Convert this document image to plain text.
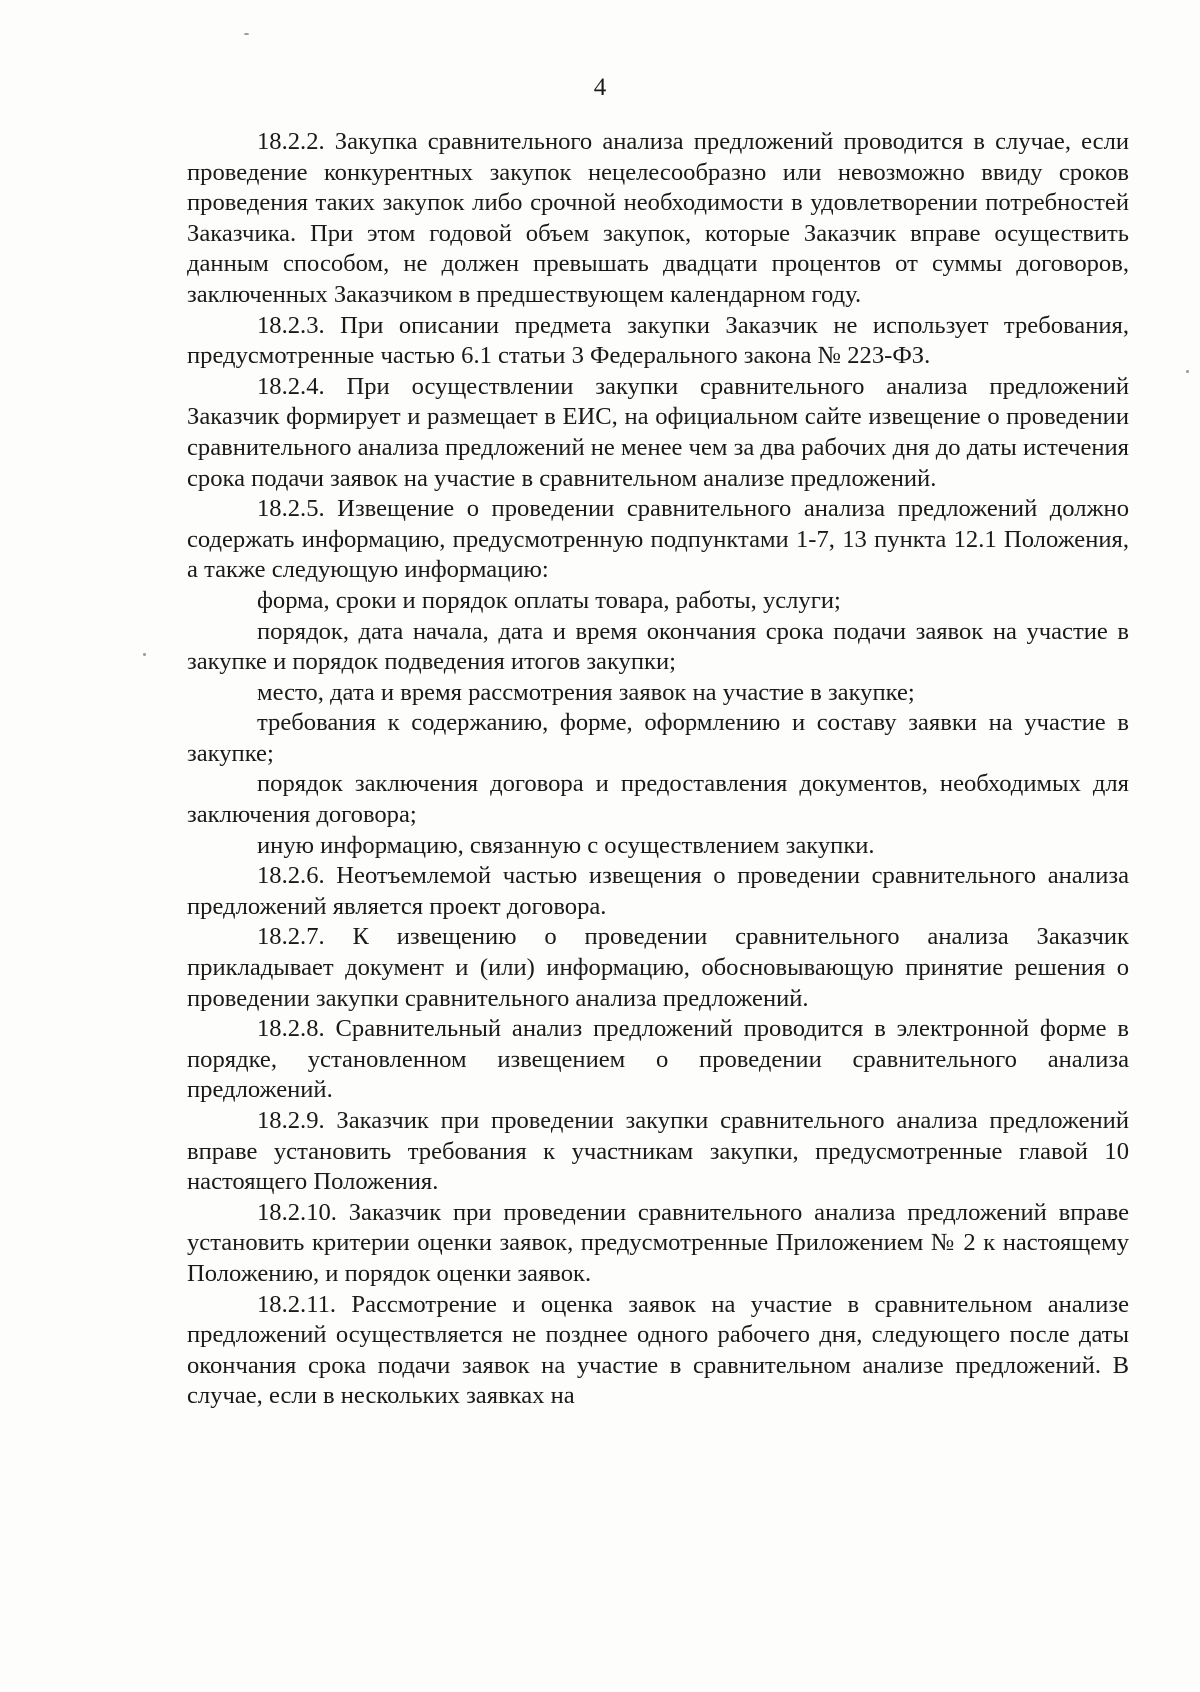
4

18.2.2. Закупка сравнительного анализа предложений проводится в случае, если проведение конкурентных закупок нецелесообразно или невозможно ввиду сроков проведения таких закупок либо срочной необходимости в удовлетворении потребностей Заказчика. При этом годовой объем закупок, которые Заказчик вправе осуществить данным способом, не должен превышать двадцати процентов от суммы договоров, заключенных Заказчиком в предшествующем календарном году.

18.2.3. При описании предмета закупки Заказчик не использует требования, предусмотренные частью 6.1 статьи 3 Федерального закона № 223-ФЗ.

18.2.4. При осуществлении закупки сравнительного анализа предложений Заказчик формирует и размещает в ЕИС, на официальном сайте извещение о проведении сравнительного анализа предложений не менее чем за два рабочих дня до даты истечения срока подачи заявок на участие в сравнительном анализе предложений.

18.2.5. Извещение о проведении сравнительного анализа предложений должно содержать информацию, предусмотренную подпунктами 1-7, 13 пункта 12.1 Положения, а также следующую информацию:

форма, сроки и порядок оплаты товара, работы, услуги;

порядок, дата начала, дата и время окончания срока подачи заявок на участие в закупке и порядок подведения итогов закупки;

место, дата и время рассмотрения заявок на участие в закупке;

требования к содержанию, форме, оформлению и составу заявки на участие в закупке;

порядок заключения договора и предоставления документов, необходимых для заключения договора;

иную информацию, связанную с осуществлением закупки.

18.2.6. Неотъемлемой частью извещения о проведении сравнительного анализа предложений является проект договора.

18.2.7. К извещению о проведении сравнительного анализа Заказчик прикладывает документ и (или) информацию, обосновывающую принятие решения о проведении закупки сравнительного анализа предложений.

18.2.8. Сравнительный анализ предложений проводится в электронной форме в порядке, установленном извещением о проведении сравнительного анализа предложений.

18.2.9. Заказчик при проведении закупки сравнительного анализа предложений вправе установить требования к участникам закупки, предусмотренные главой 10 настоящего Положения.

18.2.10. Заказчик при проведении сравнительного анализа предложений вправе установить критерии оценки заявок, предусмотренные Приложением № 2 к настоящему Положению, и порядок оценки заявок.

18.2.11. Рассмотрение и оценка заявок на участие в сравнительном анализе предложений осуществляется не позднее одного рабочего дня, следующего после даты окончания срока подачи заявок на участие в сравнительном анализе предложений. В случае, если в нескольких заявках на
